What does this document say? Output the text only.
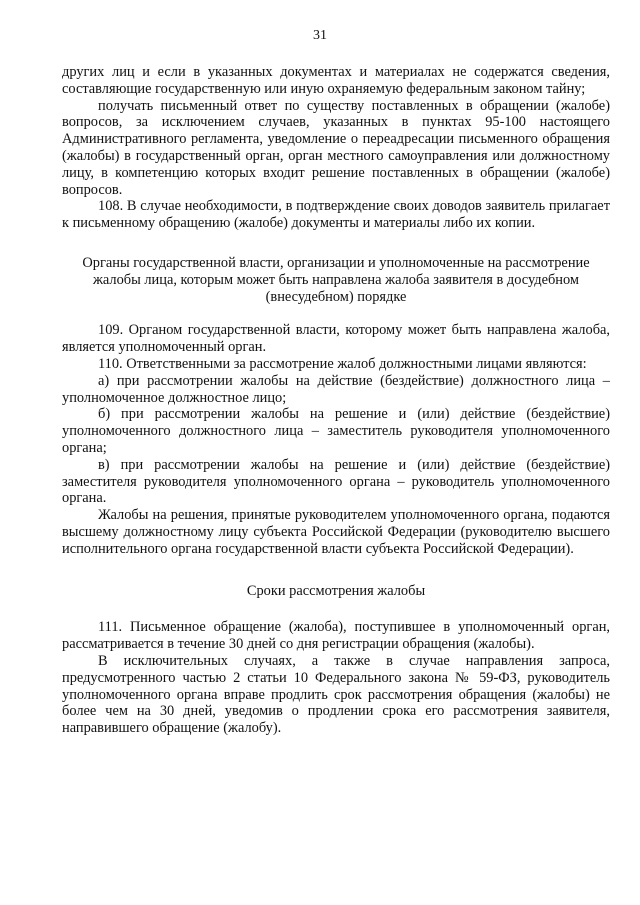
31

других лиц и если в указанных документах и материалах не содержатся сведения, составляющие государственную или иную охраняемую федеральным законом тайну;

получать письменный ответ по существу поставленных в обращении (жалобе) вопросов, за исключением случаев, указанных в пунктах 95-100 настоящего Административного регламента, уведомление о переадресации письменного обращения (жалобы) в государственный орган, орган местного самоуправления или должностному лицу, в компетенцию которых входит решение поставленных в обращении (жалобе) вопросов.

108. В случае необходимости, в подтверждение своих доводов заявитель прилагает к письменному обращению (жалобе) документы и материалы либо их копии.

Органы государственной власти, организации и уполномоченные на рассмотрение жалобы лица, которым может быть направлена жалоба заявителя в досудебном (внесудебном) порядке

109. Органом государственной власти, которому может быть направлена жалоба, является уполномоченный орган.

110. Ответственными за рассмотрение жалоб должностными лицами являются:

а) при рассмотрении жалобы на действие (бездействие) должностного лица – уполномоченное должностное лицо;

б) при рассмотрении жалобы на решение и (или) действие (бездействие) уполномоченного должностного лица – заместитель руководителя уполномоченного органа;

в) при рассмотрении жалобы на решение и (или) действие (бездействие) заместителя руководителя уполномоченного органа – руководитель уполномоченного органа.

Жалобы на решения, принятые руководителем уполномоченного органа, подаются высшему должностному лицу субъекта Российской Федерации (руководителю высшего исполнительного органа государственной власти субъекта Российской Федерации).

Сроки рассмотрения жалобы

111. Письменное обращение (жалоба), поступившее в уполномоченный орган, рассматривается в течение 30 дней со дня регистрации обращения (жалобы).

В исключительных случаях, а также в случае направления запроса, предусмотренного частью 2 статьи 10 Федерального закона № 59-ФЗ, руководитель уполномоченного органа вправе продлить срок рассмотрения обращения (жалобы) не более чем на 30 дней, уведомив о продлении срока его рассмотрения заявителя, направившего обращение (жалобу).
